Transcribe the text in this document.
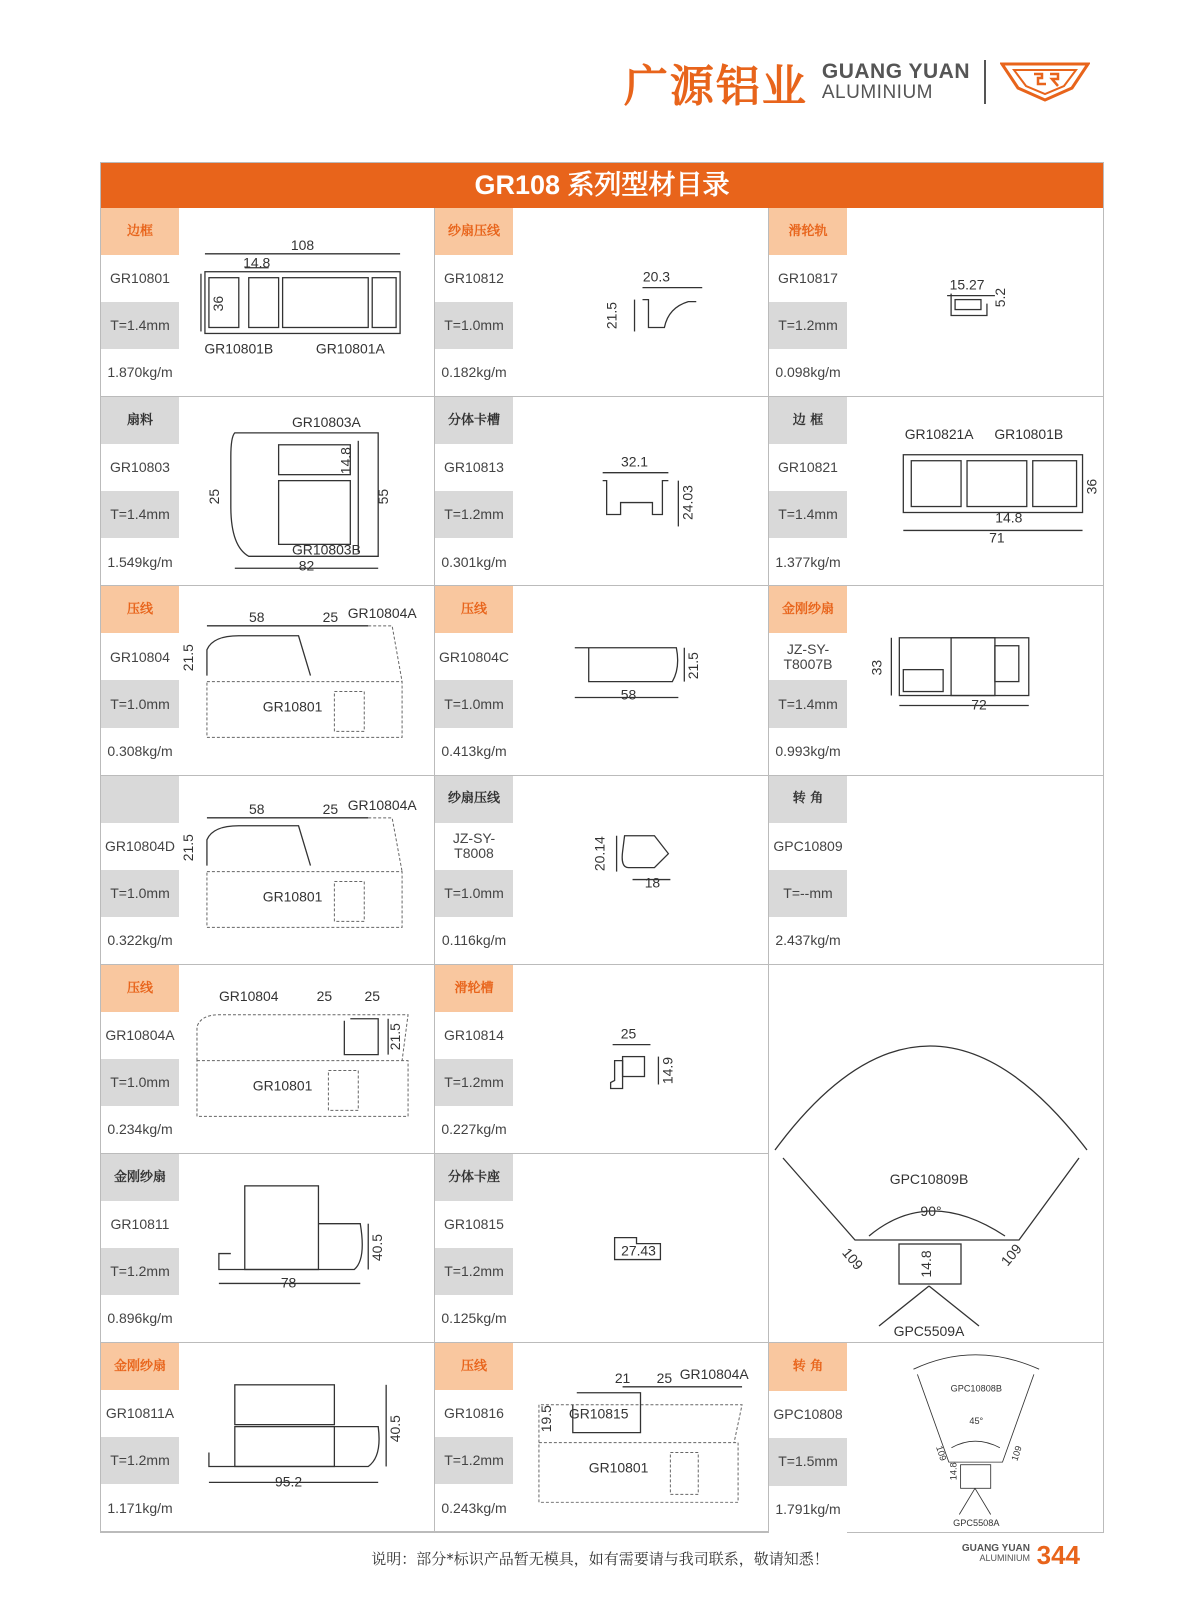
广源铝业 GUANG YUAN
ALUMINIUM
GR108 系列型材目录
边框
GR10801
T=1.4mm
1.870kg/m
108
14.8
36
GR10801B	GR10801A
纱扇压线
GR10812
T=1.0mm
0.182kg/m
20.3
21.5
滑轮轨
GR10817
T=1.2mm
0.098kg/m
15.27
5.2
扇料
GR10803
T=1.4mm
1.549kg/m
GR10803A
25
14.8
55
GR10803B
82
分体卡槽
GR10813
T=1.2mm
0.301kg/m
32.1
24.03
边 框
GR10821
T=1.4mm
1.377kg/m
GR10821A GR10801B
36
14.8
71
压线
GR10804
T=1.0mm
0.308kg/m
58	25 GR10804A
21.5
GR10801
压线
GR10804C
T=1.0mm
0.413kg/m
21.5
58
金刚纱扇
JZ-SY-T8007B
T=1.4mm
0.993kg/m
33
72
GR10804D
T=1.0mm
0.322kg/m
58	25 GR10804A
21.5
GR10801
纱扇压线
JZ-SY-T8008
T=1.0mm
0.116kg/m
20.14
18
转 角
GPC10809
T=--mm
2.437kg/m
压线
GR10804A
T=1.0mm
0.234kg/m
GR10804	25 25
21.5
GR10801
滑轮槽
GR10814
T=1.2mm
0.227kg/m
25
14.9
金刚纱扇
GR10811
T=1.2mm
0.896kg/m
40.5
78
分体卡座
GR10815
T=1.2mm
0.125kg/m
27.43
金刚纱扇
GR10811A
T=1.2mm
1.171kg/m
40.5
95.2
压线
GR10816
T=1.2mm
0.243kg/m
21 25 GR10804A
19.5 GR10815
GR10801
GPC10809B
90°
109	109
14.8
GPC5509A
转 角
GPC10808
T=1.5mm
1.791kg/m
GPC10808B
45°
109	109
14.8
GPC5508A
说明：部分*标识产品暂无模具，如有需要请与我司联系，敬请知悉！
GUANG YUAN
ALUMINIUM 344
